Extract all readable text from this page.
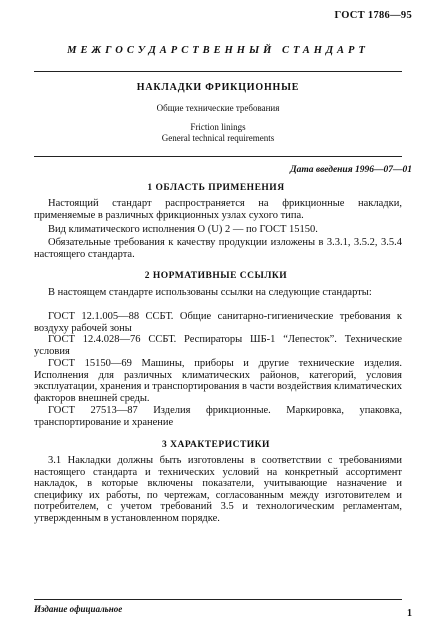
ГОСТ 1786—95
МЕЖГОСУДАРСТВЕННЫЙ СТАНДАРТ
НАКЛАДКИ ФРИКЦИОННЫЕ
Общие технические требования
Friction linings
General technical requirements
Дата введения 1996—07—01
1 ОБЛАСТЬ ПРИМЕНЕНИЯ
Настоящий стандарт распространяется на фрикционные накладки, применяемые в различных фрикционных узлах сухого типа.
Вид климатического исполнения О (U) 2 — по ГОСТ 15150.
Обязательные требования к качеству продукции изложены в 3.3.1, 3.5.2, 3.5.4 настоящего стандарта.
2 НОРМАТИВНЫЕ ССЫЛКИ
В настоящем стандарте использованы ссылки на следующие стандарты:
ГОСТ 12.1.005—88 ССБТ. Общие санитарно-гигиенические требования к воздуху рабочей зоны
ГОСТ 12.4.028—76 ССБТ. Респираторы ШБ-1 “Лепесток”. Технические условия
ГОСТ 15150—69 Машины, приборы и другие технические изделия. Исполнения для различных климатических районов, категорий, условия эксплуатации, хранения и транспортирования в части воздействия климатических факторов внешней среды.
ГОСТ 27513—87 Изделия фрикционные. Маркировка, упаковка, транспортирование и хранение
3 ХАРАКТЕРИСТИКИ
3.1 Накладки должны быть изготовлены в соответствии с требованиями настоящего стандарта и технических условий на конкретный ассортимент накладок, в которые включены показатели, учитывающие назначение и специфику их работы, по чертежам, согласованным между изготовителем и потребителем, с учетом требований 3.5 и технологическим регламентам, утвержденным в установленном порядке.
Издание официальное	1
